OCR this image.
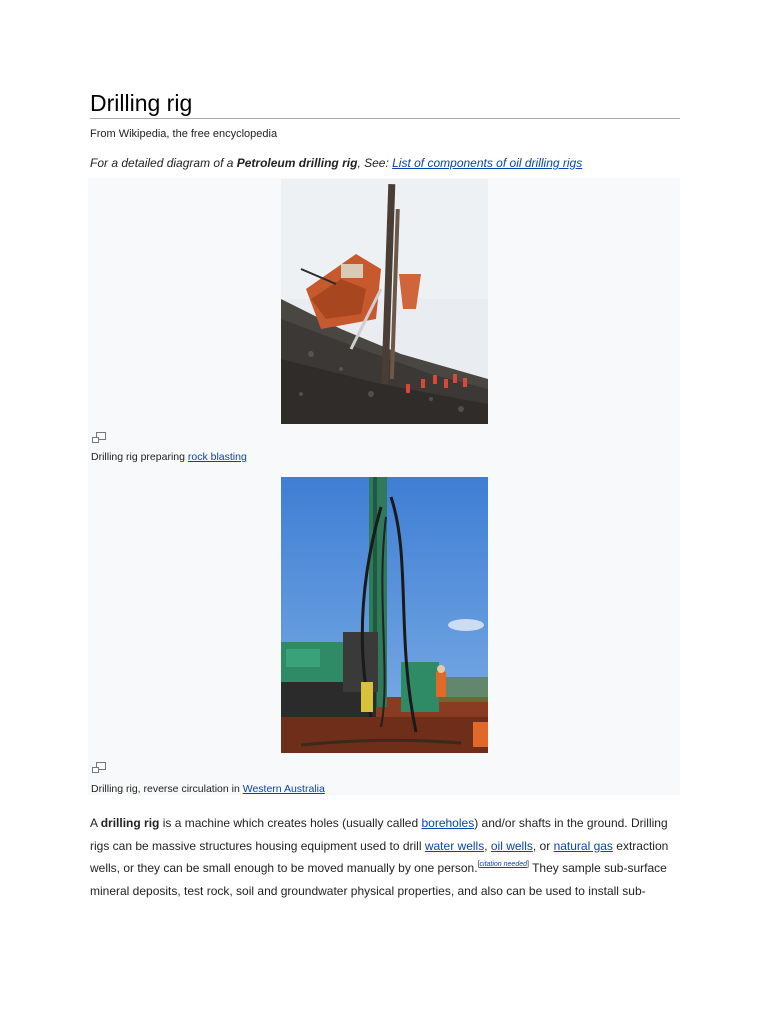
Drilling rig
From Wikipedia, the free encyclopedia
For a detailed diagram of a Petroleum drilling rig, See: List of components of oil drilling rigs
Drilling rig preparing rock blasting
Drilling rig, reverse circulation in Western Australia

A drilling rig is a machine which creates holes (usually called boreholes) and/or shafts in the ground. Drilling rigs can be massive structures housing equipment used to drill water wells, oil wells, or natural gas extraction wells, or they can be small enough to be moved manually by one person.[citation needed] They sample sub-surface mineral deposits, test rock, soil and groundwater physical properties, and also can be used to install sub-
